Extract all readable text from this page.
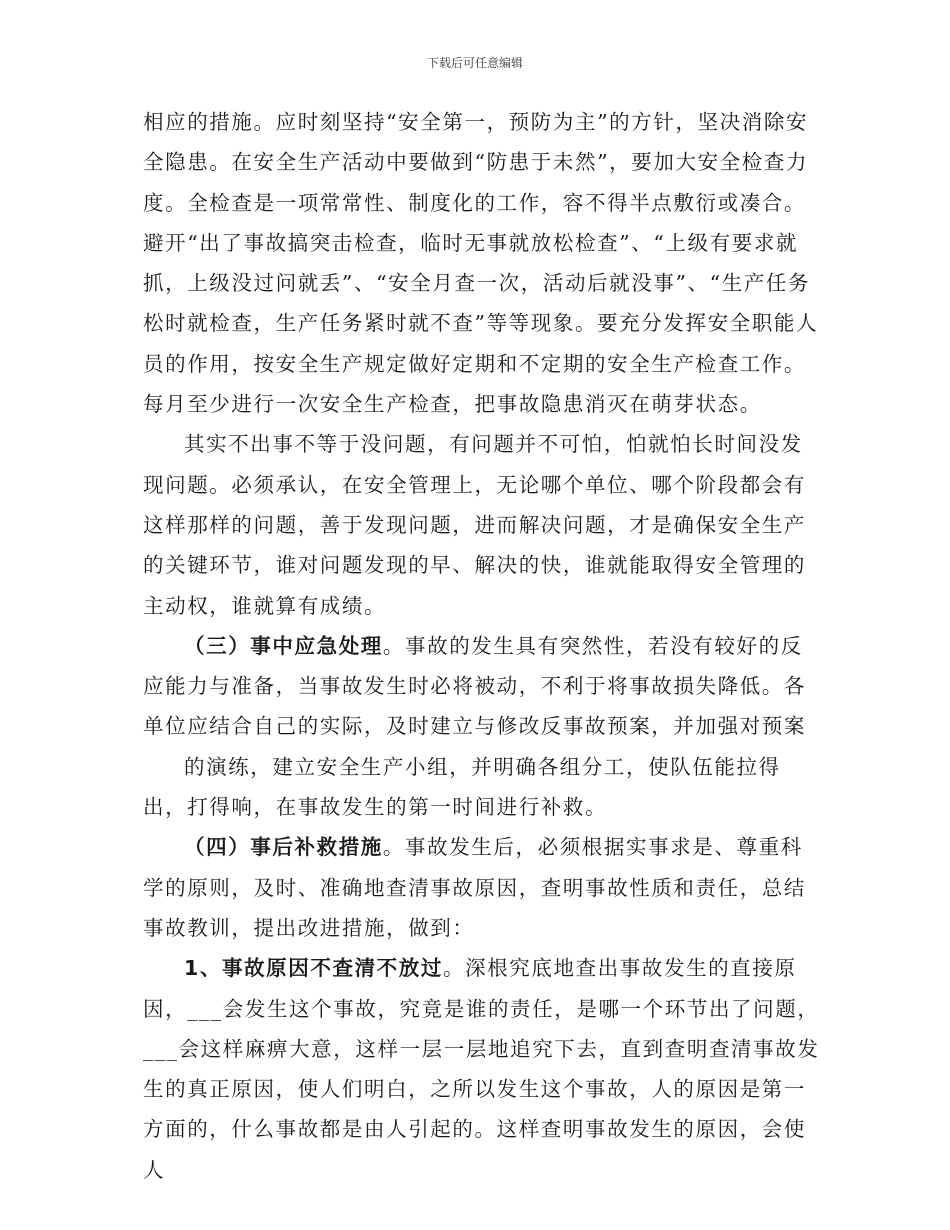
下载后可任意编辑

相应的措施。应时刻坚持“安全第一，预防为主”的方针，坚决消除安全隐患。在安全生产活动中要做到“防患于未然”，要加大安全检查力度。全检查是一项常常性、制度化的工作，容不得半点敷衍或凑合。避开“出了事故搞突击检查，临时无事就放松检查”、“上级有要求就抓，上级没过问就丢”、“安全月查一次，活动后就没事”、“生产任务松时就检查，生产任务紧时就不查”等等现象。要充分发挥安全职能人员的作用，按安全生产规定做好定期和不定期的安全生产检查工作。每月至少进行一次安全生产检查，把事故隐患消灭在萌芽状态。

其实不出事不等于没问题，有问题并不可怕，怕就怕长时间没发现问题。必须承认，在安全管理上，无论哪个单位、哪个阶段都会有这样那样的问题，善于发现问题，进而解决问题，才是确保安全生产的关键环节，谁对问题发现的早、解决的快，谁就能取得安全管理的主动权，谁就算有成绩。

（三）事中应急处理。事故的发生具有突然性，若没有较好的反应能力与准备，当事故发生时必将被动，不利于将事故损失降低。各单位应结合自己的实际，及时建立与修改反事故预案，并加强对预案

的演练，建立安全生产小组，并明确各组分工，使队伍能拉得出，打得响，在事故发生的第一时间进行补救。

（四）事后补救措施。事故发生后，必须根据实事求是、尊重科学的原则，及时、准确地查清事故原因，查明事故性质和责任，总结事故教训，提出改进措施，做到：

1、事故原因不查清不放过。深根究底地查出事故发生的直接原因，___会发生这个事故，究竟是谁的责任，是哪一个环节出了问题，___会这样麻痹大意，这样一层一层地追究下去，直到查明查清事故发生的真正原因，使人们明白，之所以发生这个事故，人的原因是第一方面的，什么事故都是由人引起的。这样查明事故发生的原因，会使人
